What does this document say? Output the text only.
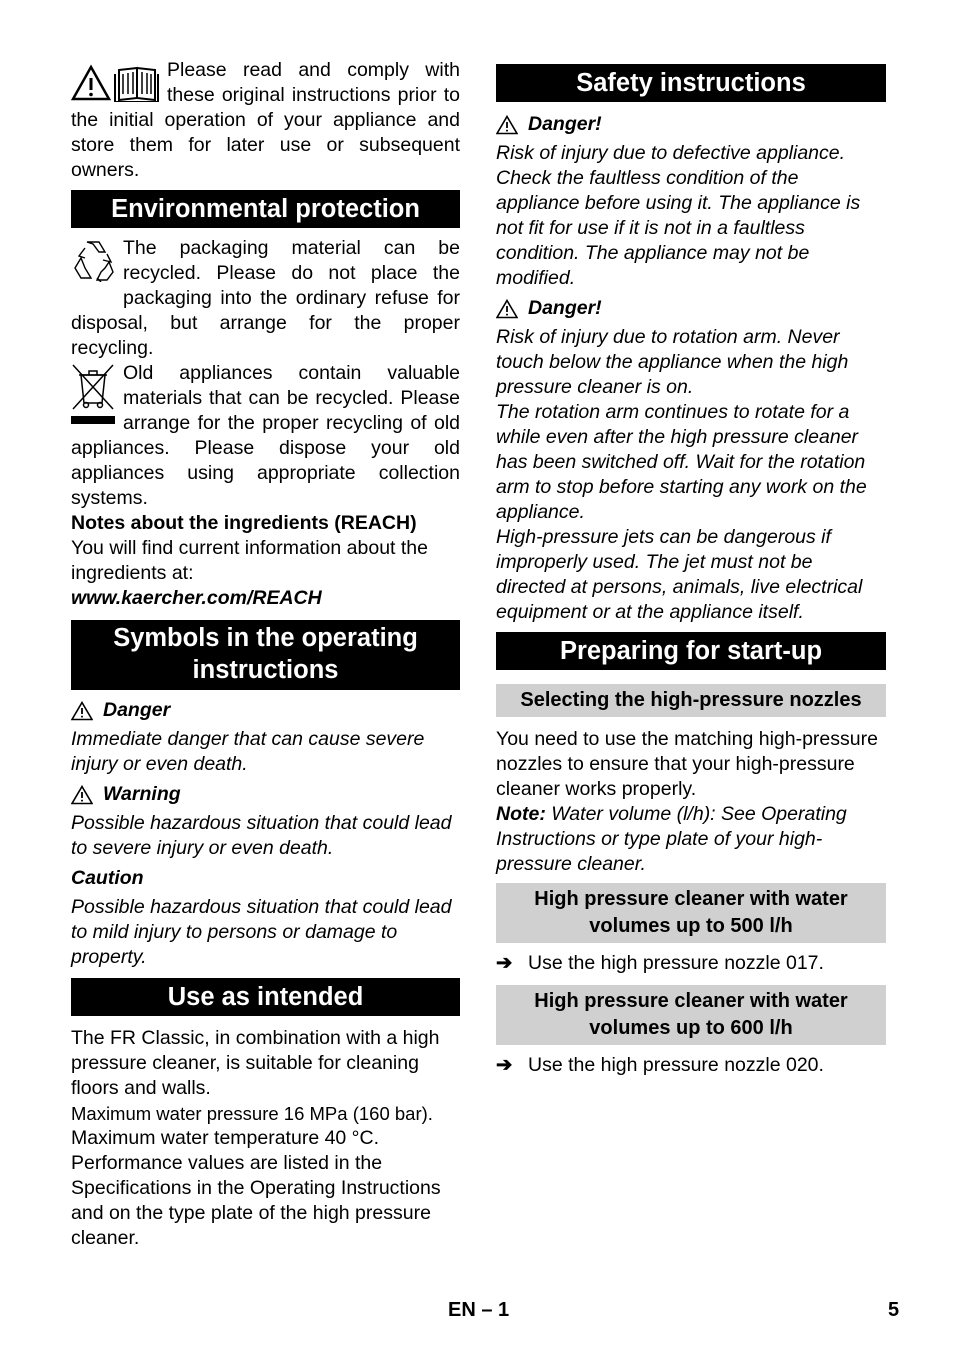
Please read and comply with these original instructions prior to the initial operation of your appliance and store them for later use or subsequent owners.

Environmental protection

The packaging material can be recycled. Please do not place the packaging into the ordinary refuse for disposal, but arrange for the proper recycling.

Old appliances contain valuable materials that can be recycled. Please arrange for the proper recycling of old appliances. Please dispose your old appliances using appropriate collection systems.

Notes about the ingredients (REACH)

You will find current information about the ingredients at:

www.kaercher.com/REACH

Symbols in the operating instructions
Danger

Immediate danger that can cause severe injury or even death.

Warning

Possible hazardous situation that could lead to severe injury or even death.

Caution

Possible hazardous situation that could lead to mild injury to persons or damage to property.

Use as intended

The FR Classic, in combination with a high pressure cleaner, is suitable for cleaning floors and walls.

Maximum water pressure 16 MPa (160 bar).

Maximum water temperature 40 °C.

Performance values are listed in the Specifications in the Operating Instructions and on the type plate of the high pressure cleaner.

Safety instructions
Danger!

Risk of injury due to defective appliance. Check the faultless condition of the appliance before using it. The appliance is not fit for use if it is not in a faultless condition. The appliance may not be modified.

Danger!

Risk of injury due to rotation arm. Never touch below the appliance when the high pressure cleaner is on.

The rotation arm continues to rotate for a while even after the high pressure cleaner has been switched off. Wait for the rotation arm to stop before starting any work on the appliance.

High-pressure jets can be dangerous if improperly used. The jet must not be directed at persons, animals, live electrical equipment or at the appliance itself.

Preparing for start-up
Selecting the high-pressure nozzles

You need to use the matching high-pressure nozzles to ensure that your high-pressure cleaner works properly.

Note: Water volume (l/h): See Operating Instructions or type plate of your high-pressure cleaner.

High pressure cleaner with water volumes up to 500 l/h
➔ Use the high pressure nozzle 017.
High pressure cleaner with water volumes up to 600 l/h
➔ Use the high pressure nozzle 020.
EN – 1	5
